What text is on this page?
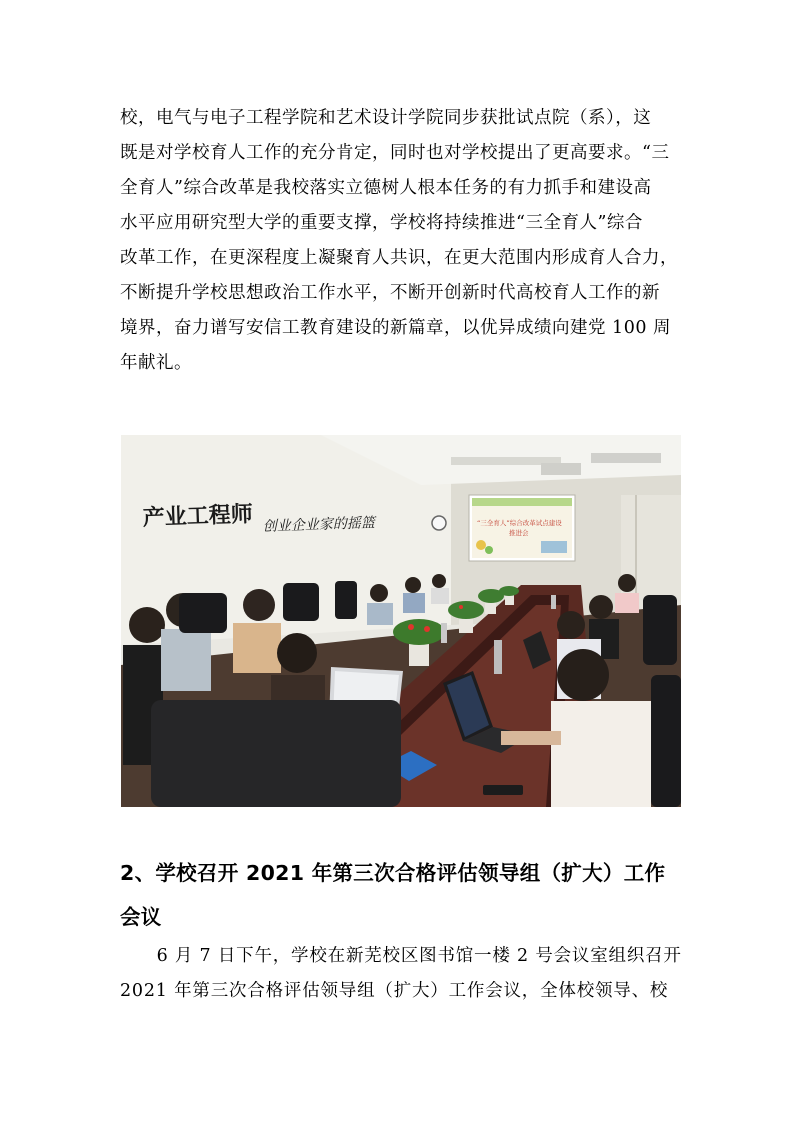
校，电气与电子工程学院和艺术设计学院同步获批试点院（系），这

既是对学校育人工作的充分肯定，同时也对学校提出了更高要求。“三

全育人”综合改革是我校落实立德树人根本任务的有力抓手和建设高

水平应用研究型大学的重要支撑，学校将持续推进“三全育人”综合

改革工作，在更深程度上凝聚育人共识，在更大范围内形成育人合力，

不断提升学校思想政治工作水平，不断开创新时代高校育人工作的新

境界，奋力谱写安信工教育建设的新篇章，以优异成绩向建党 100 周

年献礼。

产业工程师 创业企业家的摇篮	“三全育人”综合改革试点建设
推进会
2、学校召开 2021 年第三次合格评估领导组（扩大）工作
会议

　　6 月 7 日下午，学校在新芜校区图书馆一楼 2 号会议室组织召开

2021 年第三次合格评估领导组（扩大）工作会议，全体校领导、校
